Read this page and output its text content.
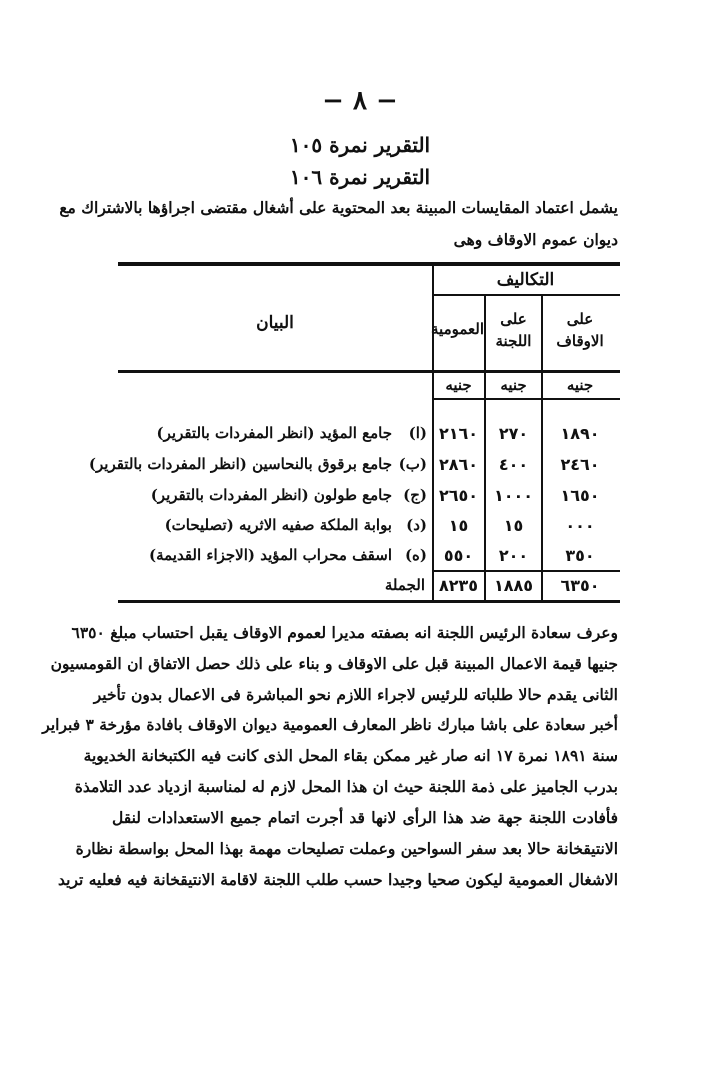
− ٨ −
التقرير نمرة ١٠٥
التقرير نمرة ١٠٦
يشمل اعتماد المقايسات المبينة بعد المحتوية على أشغال مقتضى اجراؤها بالاشتراك مع
ديوان عموم الاوقاف وهى
التكاليف
البيان	على الاوقاف
على اللجنة
العمومية
جنيه
جنيه
جنيه
١٨٩٠
٢٧٠
٢١٦٠
(ا)
جامع المؤيد (انظر المفردات بالتقرير)
٢٤٦٠
٤٠٠
٢٨٦٠
(ب)
جامع برقوق بالنحاسين (انظر المفردات بالتقرير)
١٦٥٠
١٠٠٠
٢٦٥٠
(ج)
جامع طولون (انظر المفردات بالتقرير)
٠٠٠
١٥
١٥
(د)
بوابة الملكة صفيه الاثريه (تصليحات)
٣٥٠
٢٠٠
٥٥٠
(ه)
اسقف محراب المؤيد (الاجزاء القديمة)
٦٣٥٠
١٨٨٥
٨٢٣٥
الجملة

وعرف سعادة الرئيس اللجنة انه بصفته مديرا لعموم الاوقاف يقبل احتساب مبلغ ٦٣٥٠

جنيها قيمة الاعمال المبينة قبل على الاوقاف و بناء على ذلك حصل الاتفاق ان القومسيون

الثانى يقدم حالا طلباته للرئيس لاجراء اللازم نحو المباشرة فى الاعمال بدون تأخير

أخبر سعادة على باشا مبارك ناظر المعارف العمومية ديوان الاوقاف بافادة مؤرخة ٣ فبراير

سنة ١٨٩١ نمرة ١٧ انه صار غير ممكن بقاء المحل الذى كانت فيه الكتبخانة الخديوية

بدرب الجاميز على ذمة اللجنة حيث ان هذا المحل لازم له لمناسبة ازدياد عدد التلامذة

فأفادت اللجنة جهة ضد هذا الرأى لانها قد أجرت اتمام جميع الاستعدادات لنقل

الانتيقخانة حالا بعد سفر السواحين وعملت تصليحات مهمة بهذا المحل بواسطة نظارة

الاشغال العمومية ليكون صحيا وجيدا حسب طلب اللجنة لاقامة الانتيقخانة فيه فعليه تريد
